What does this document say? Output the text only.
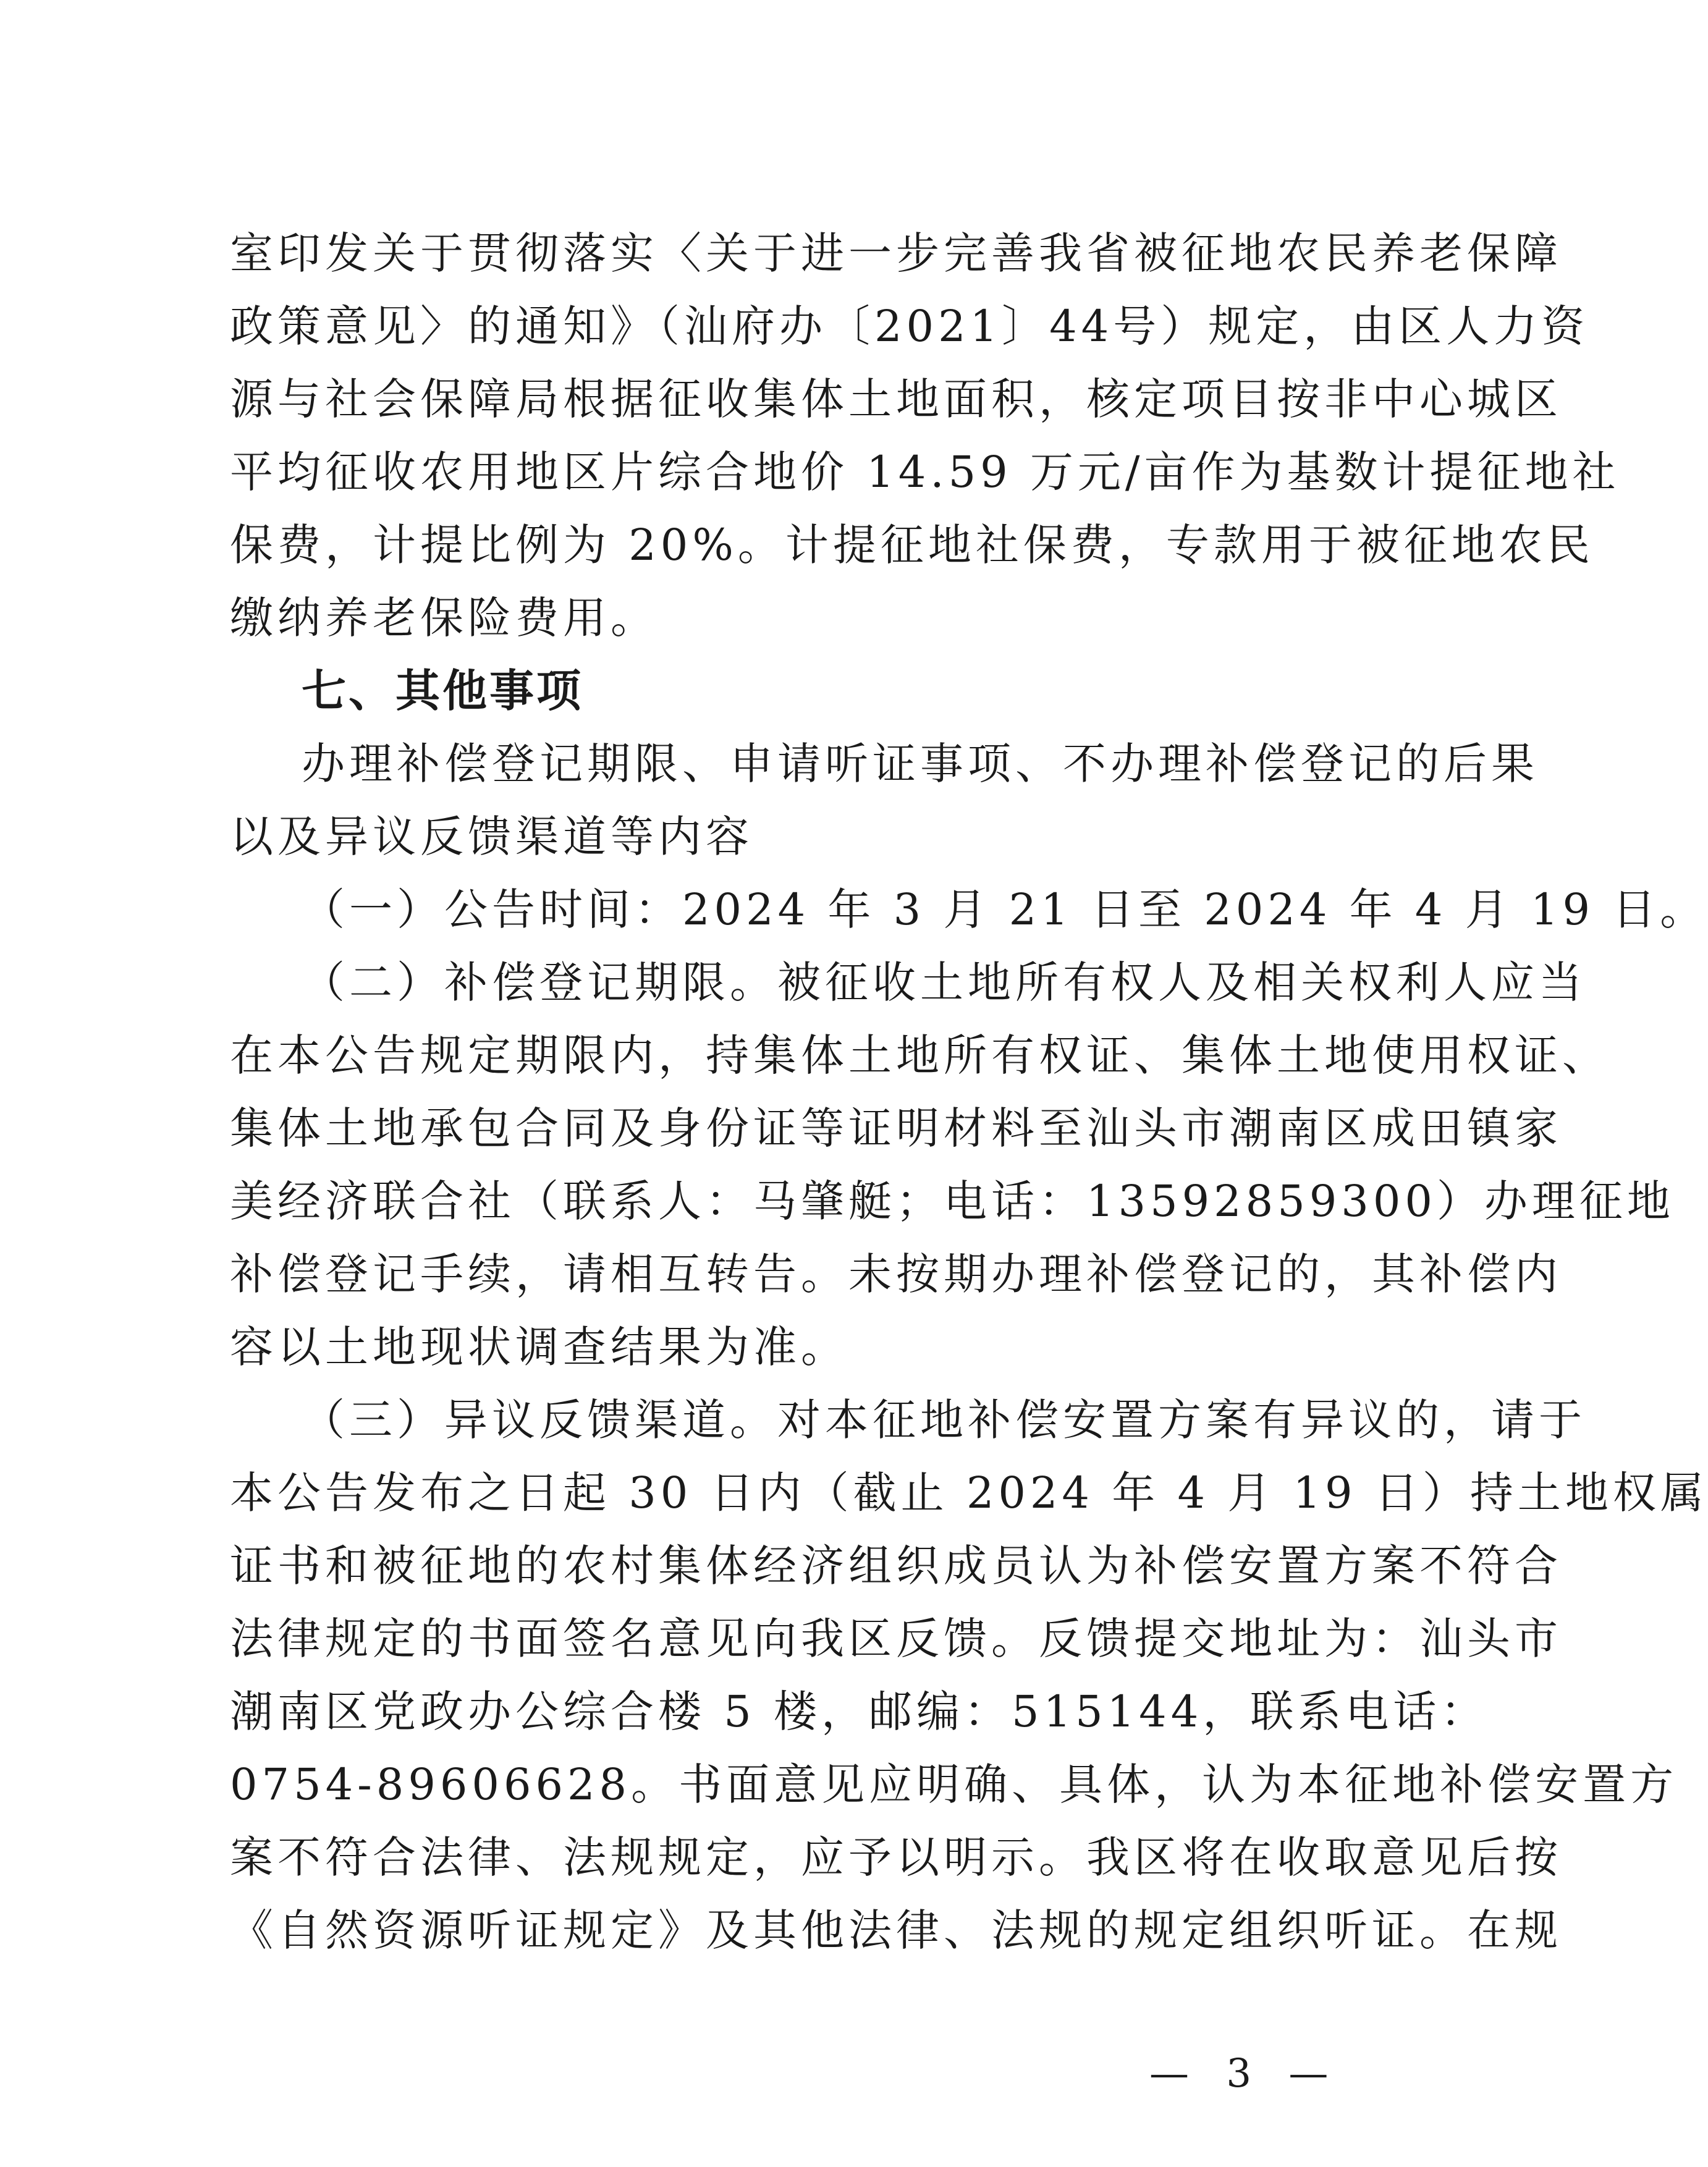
室印发关于贯彻落实〈关于进一步完善我省被征地农民养老保障
政策意见〉的通知》（汕府办〔2021〕44号）规定，由区人力资
源与社会保障局根据征收集体土地面积，核定项目按非中心城区
平均征收农用地区片综合地价 14.59 万元/亩作为基数计提征地社
保费，计提比例为 20%。计提征地社保费，专款用于被征地农民
缴纳养老保险费用。
七、其他事项
办理补偿登记期限、申请听证事项、不办理补偿登记的后果
以及异议反馈渠道等内容
（一）公告时间：2024 年 3 月 21 日至 2024 年 4 月 19 日。
（二）补偿登记期限。被征收土地所有权人及相关权利人应当
在本公告规定期限内，持集体土地所有权证、集体土地使用权证、
集体土地承包合同及身份证等证明材料至汕头市潮南区成田镇家
美经济联合社（联系人：马肇艇；电话：13592859300）办理征地
补偿登记手续，请相互转告。未按期办理补偿登记的，其补偿内
容以土地现状调查结果为准。
（三）异议反馈渠道。对本征地补偿安置方案有异议的，请于
本公告发布之日起 30 日内（截止 2024 年 4 月 19 日）持土地权属
证书和被征地的农村集体经济组织成员认为补偿安置方案不符合
法律规定的书面签名意见向我区反馈。反馈提交地址为：汕头市
潮南区党政办公综合楼 5 楼，邮编：515144，联系电话：
0754-89606628。书面意见应明确、具体，认为本征地补偿安置方
案不符合法律、法规规定，应予以明示。我区将在收取意见后按
《自然资源听证规定》及其他法律、法规的规定组织听证。在规
— 3 —
